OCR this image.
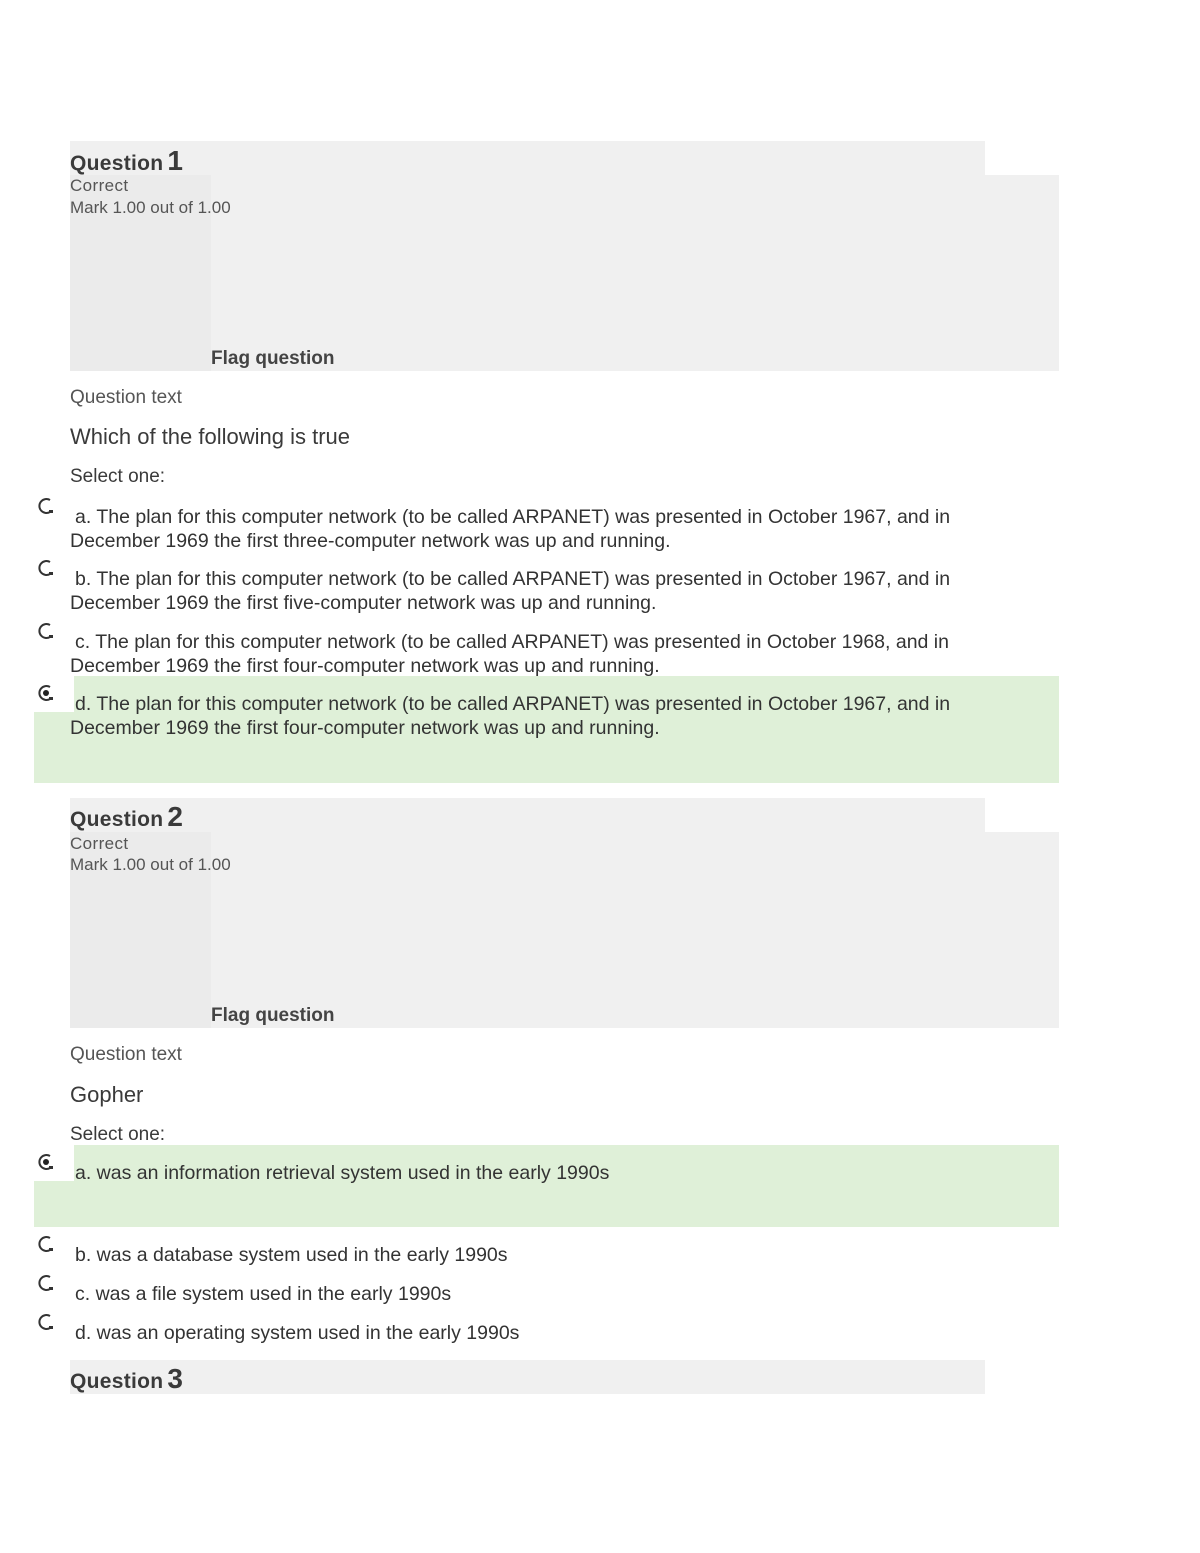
Question 1
Correct
Mark 1.00 out of 1.00
Flag question
Question text
Which of the following is true
Select one:
a. The plan for this computer network (to be called ARPANET) was presented in October 1967, and in December 1969 the first three-computer network was up and running.
b. The plan for this computer network (to be called ARPANET) was presented in October 1967, and in December 1969 the first five-computer network was up and running.
c. The plan for this computer network (to be called ARPANET) was presented in October 1968, and in December 1969 the first four-computer network was up and running.
d. The plan for this computer network (to be called ARPANET) was presented in October 1967, and in December 1969 the first four-computer network was up and running.
Question 2
Correct
Mark 1.00 out of 1.00
Flag question
Question text
Gopher
Select one:
a. was an information retrieval system used in the early 1990s
b. was a database system used in the early 1990s
c. was a file system used in the early 1990s
d. was an operating system used in the early 1990s
Question 3
